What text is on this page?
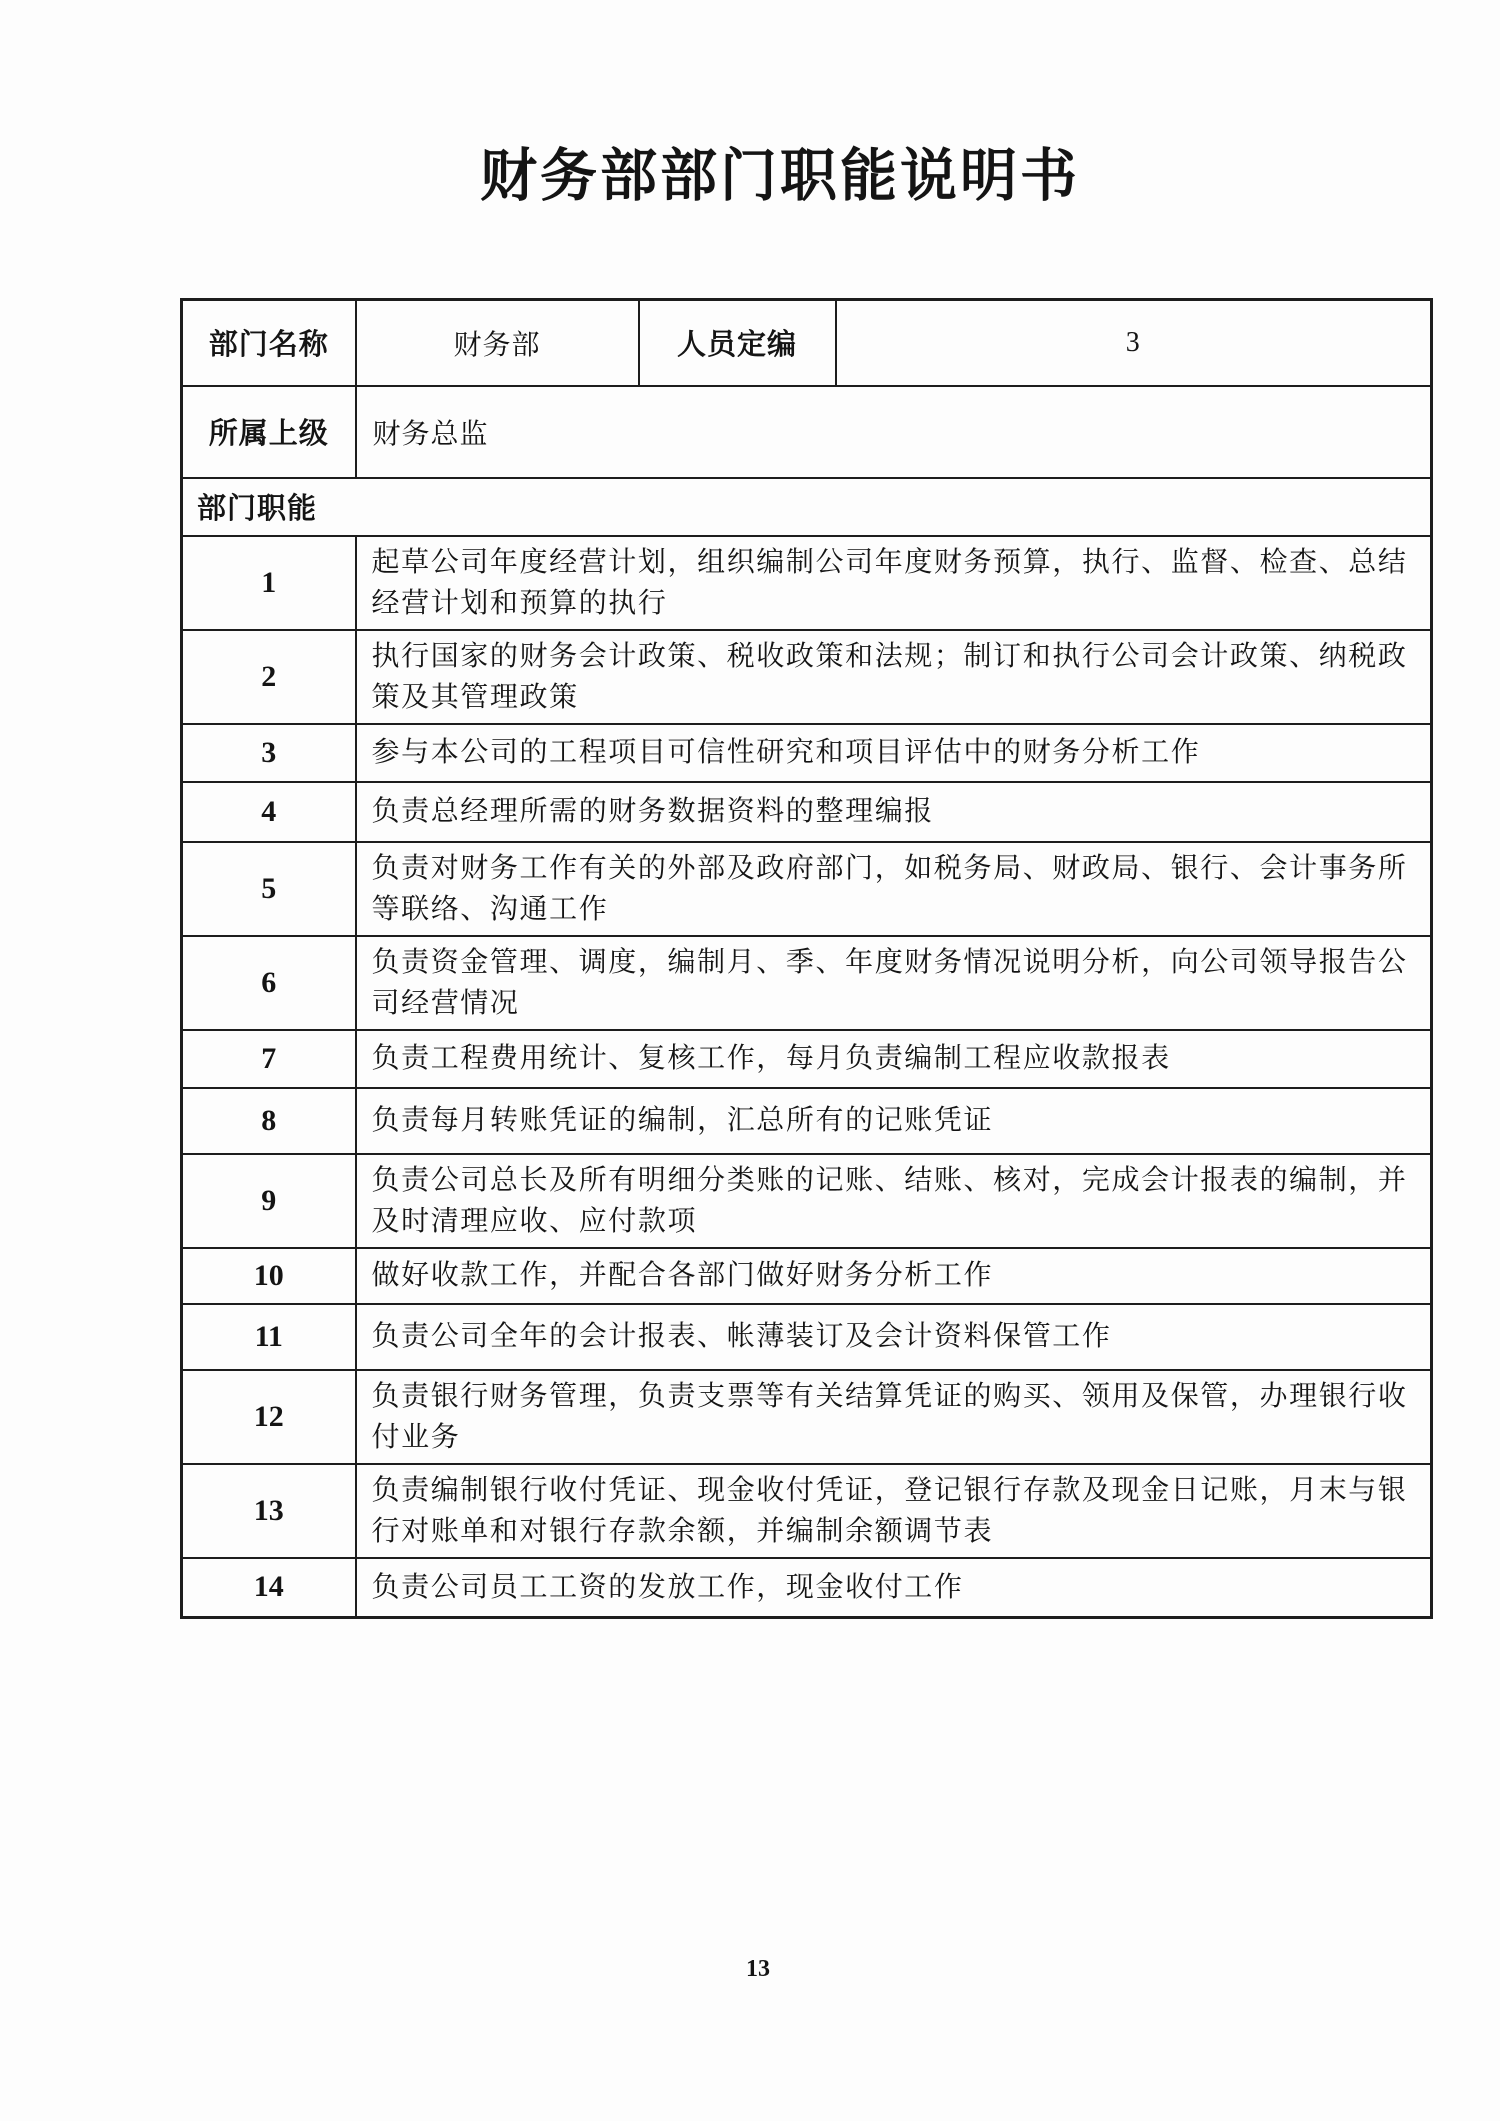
财务部部门职能说明书
部门名称	财务部	人员定编	3
所属上级	财务总监		
部门职能			
1	起草公司年度经营计划，组织编制公司年度财务预算，执行、监督、检查、总结经营计划和预算的执行		
2	执行国家的财务会计政策、税收政策和法规；制订和执行公司会计政策、纳税政策及其管理政策		
3	参与本公司的工程项目可信性研究和项目评估中的财务分析工作		
4	负责总经理所需的财务数据资料的整理编报		
5	负责对财务工作有关的外部及政府部门，如税务局、财政局、银行、会计事务所等联络、沟通工作		
6	负责资金管理、调度，编制月、季、年度财务情况说明分析，向公司领导报告公司经营情况		
7	负责工程费用统计、复核工作，每月负责编制工程应收款报表		
8	负责每月转账凭证的编制，汇总所有的记账凭证		
9	负责公司总长及所有明细分类账的记账、结账、核对，完成会计报表的编制，并及时清理应收、应付款项		
10	做好收款工作，并配合各部门做好财务分析工作		
11	负责公司全年的会计报表、帐薄装订及会计资料保管工作		
12	负责银行财务管理，负责支票等有关结算凭证的购买、领用及保管，办理银行收付业务		
13	负责编制银行收付凭证、现金收付凭证，登记银行存款及现金日记账，月末与银行对账单和对银行存款余额，并编制余额调节表		
14	负责公司员工工资的发放工作，现金收付工作		
13
